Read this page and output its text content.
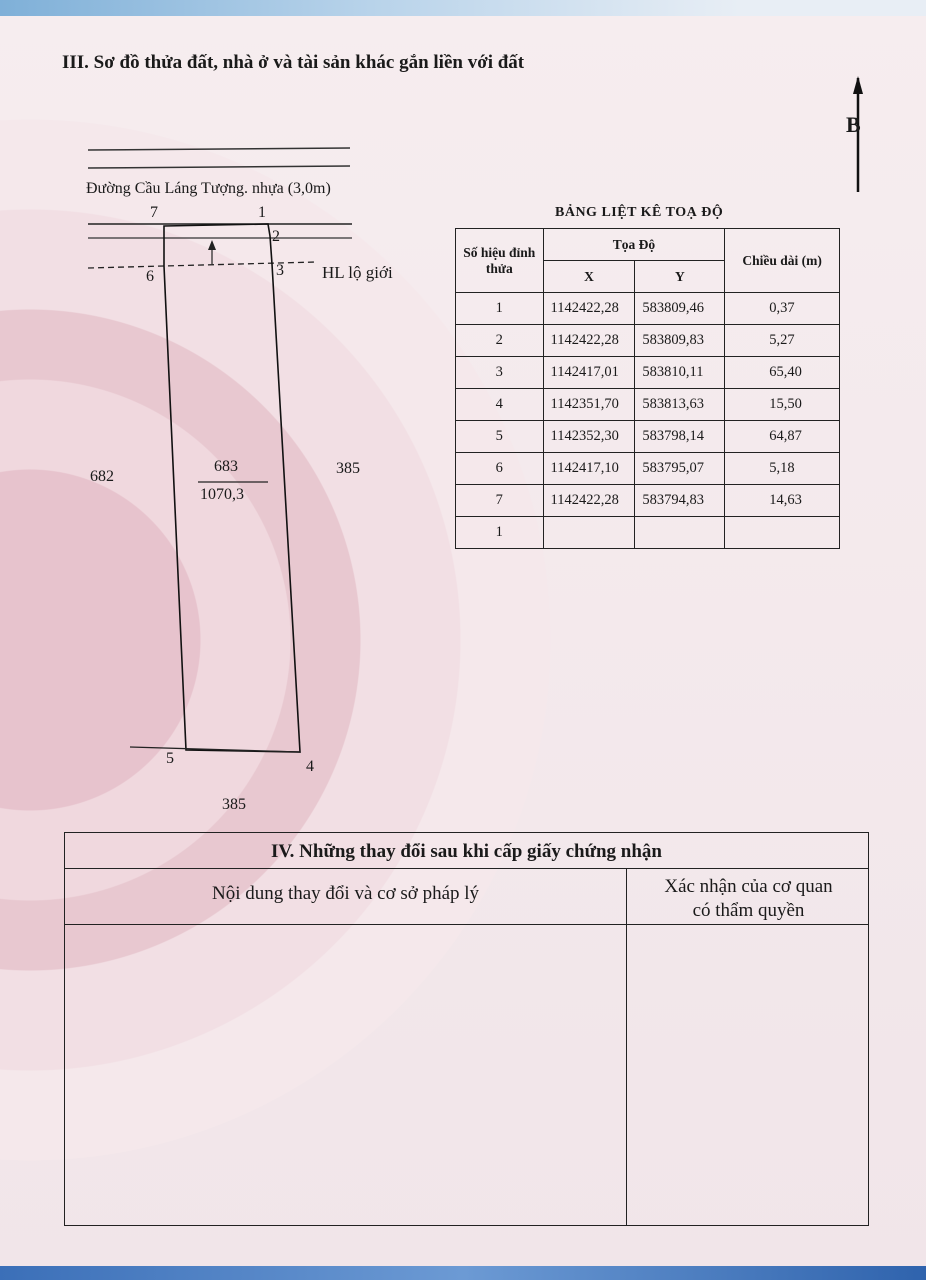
III. Sơ đồ thửa đất, nhà ở và tài sản khác gắn liền với đất
B
Đường Cầu Láng Tượng. nhựa (3,0m)
7	1
2
3
6	HL lộ giới
683
1070,3
682	385
5	4
385
BẢNG LIỆT KÊ TOẠ ĐỘ
Số hiệu đỉnh thửa	Tọa Độ		Chiều dài (m)
	X	Y	
1	1142422,28	583809,46	0,37
2	1142422,28	583809,83	5,27
3	1142417,01	583810,11	65,40
4	1142351,70	583813,63	15,50
5	1142352,30	583798,14	64,87
6	1142417,10	583795,07	5,18
7	1142422,28	583794,83	14,63
1			
IV. Những thay đổi sau khi cấp giấy chứng nhận
Nội dung thay đổi và cơ sở pháp lý	Xác nhận của cơ quan
có thẩm quyền
